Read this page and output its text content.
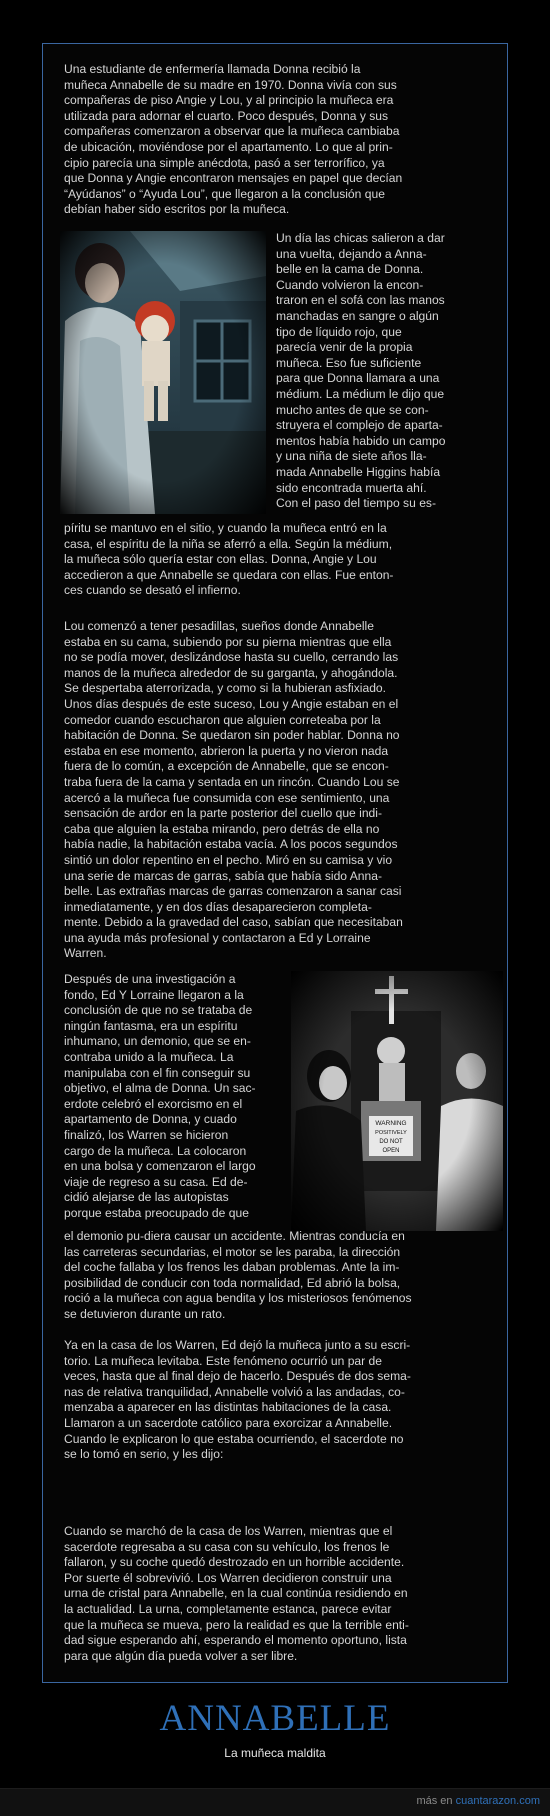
Una estudiante de enfermería llamada Donna recibió la
muñeca Annabelle de su madre en 1970. Donna vivía con sus
compañeras de piso Angie y Lou, y al principio la muñeca era
utilizada para adornar el cuarto. Poco después, Donna y sus
compañeras comenzaron a observar que la muñeca cambiaba
de ubicación, moviéndose por el apartamento. Lo que al prin-
cipio parecía una simple anécdota, pasó a ser terrorífico, ya
que Donna y Angie encontraron mensajes en papel que decían
“Ayúdanos” o “Ayuda Lou”, que llegaron a la conclusión que
debían haber sido escritos por la muñeca.
Un día las chicas salieron a dar
una vuelta, dejando a Anna-
belle en la cama de Donna.
Cuando volvieron la encon-
traron en el sofá con las manos
manchadas en sangre o algún
tipo de líquido rojo, que
parecía venir de la propia
muñeca. Eso fue suficiente
para que Donna llamara a una
médium. La médium le dijo que
mucho antes de que se con-
struyera el complejo de aparta-
mentos había habido un campo
y una niña de siete años lla-
mada Annabelle Higgins había
sido encontrada muerta ahí.
Con el paso del tiempo su es-
píritu se mantuvo en el sitio, y cuando la muñeca entró en la
casa, el espíritu de la niña se aferró a ella. Según la médium,
la muñeca sólo quería estar con ellas. Donna, Angie y Lou
accedieron a que Annabelle se quedara con ellas. Fue enton-
ces cuando se desató el infierno.
Lou comenzó a tener pesadillas, sueños donde Annabelle
estaba en su cama, subiendo por su pierna mientras que ella
no se podía mover, deslizándose hasta su cuello, cerrando las
manos de la muñeca alrededor de su garganta, y ahogándola.
Se despertaba aterrorizada, y como si la hubieran asfixiado.
Unos días después de este suceso, Lou y Angie estaban en el
comedor cuando escucharon que alguien correteaba por la
habitación de Donna. Se quedaron sin poder hablar. Donna no
estaba en ese momento, abrieron la puerta y no vieron nada
fuera de lo común, a excepción de Annabelle, que se encon-
traba fuera de la cama y sentada en un rincón. Cuando Lou se
acercó a la muñeca fue consumida con ese sentimiento, una
sensación de ardor en la parte posterior del cuello que indi-
caba que alguien la estaba mirando, pero detrás de ella no
había nadie, la habitación estaba vacía. A los pocos segundos
sintió un dolor repentino en el pecho. Miró en su camisa y vio
una serie de marcas de garras, sabía que había sido Anna-
belle. Las extrañas marcas de garras comenzaron a sanar casi
inmediatamente, y en dos días desaparecieron completa-
mente. Debido a la gravedad del caso, sabían que necesitaban
una ayuda más profesional y contactaron a Ed y Lorraine
Warren.
Después de una investigación a
fondo, Ed Y Lorraine llegaron a la
conclusión de que no se trataba de
ningún fantasma, era un espíritu
inhumano, un demonio, que se en-
contraba unido a la muñeca. La
manipulaba con el fin conseguir su
objetivo, el alma de Donna. Un sac-
erdote celebró el exorcismo en el
apartamento de Donna, y cuado
finalizó, los Warren se hicieron
cargo de la muñeca. La colocaron
en una bolsa y comenzaron el largo
viaje de regreso a su casa. Ed de-
cidió alejarse de las autopistas
porque estaba preocupado de que
el demonio pu-diera causar un accidente. Mientras conducía en
las carreteras secundarias, el motor se les paraba, la dirección
del coche fallaba y los frenos les daban problemas. Ante la im-
posibilidad de conducir con toda normalidad, Ed abrió la bolsa,
roció a la muñeca con agua bendita y los misteriosos fenómenos
se detuvieron durante un rato.
Ya en la casa de los Warren, Ed dejó la muñeca junto a su escri-
torio. La muñeca levitaba. Este fenómeno ocurrió un par de
veces, hasta que al final dejo de hacerlo. Después de dos sema-
nas de relativa tranquilidad, Annabelle volvió a las andadas, co-
menzaba a aparecer en las distintas habitaciones de la casa.
Llamaron a un sacerdote católico para exorcizar a Annabelle.
Cuando le explicaron lo que estaba ocurriendo, el sacerdote no
se lo tomó en serio, y les dijo:
Cuando se marchó de la casa de los Warren, mientras que el
sacerdote regresaba a su casa con su vehículo, los frenos le
fallaron, y su coche quedó destrozado en un horrible accidente.
Por suerte él sobrevivió. Los Warren decidieron construir una
urna de cristal para Annabelle, en la cual continúa residiendo en
la actualidad. La urna, completamente estanca, parece evitar
que la muñeca se mueva, pero la realidad es que la terrible enti-
dad sigue esperando ahí, esperando el momento oportuno, lista
para que algún día pueda volver a ser libre.
ANNABELLE
La muñeca maldita
más en cuantarazon.com
